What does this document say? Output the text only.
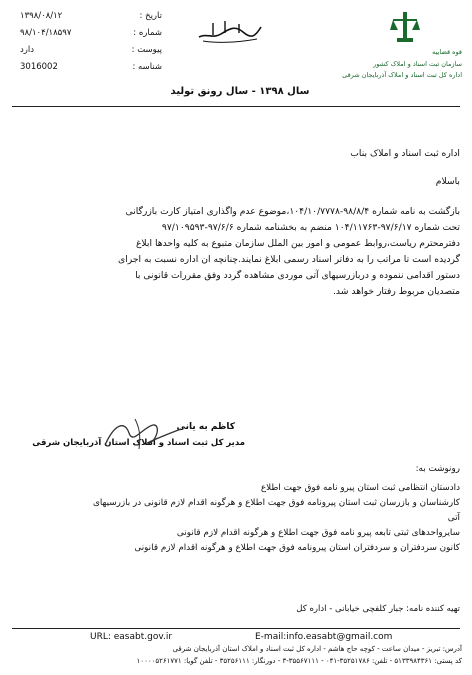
تاریخ :
۱۳۹۸/۰۸/۱۲
شماره :
۹۸/۱۰۴/۱۸۵۹۷
پیوست :
دارد
شناسه :
3016002
قوه قضاییه
سازمان ثبت اسناد و املاک کشور
اداره کل ثبت اسناد و املاک آذربایجان شرقی
سال ۱۳۹۸ - سال رونق تولید
اداره ثبت اسناد و املاک بناب
باسلام
بازگشت به نامه شماره ۹۸/۸/۴-۱۰۴/۱۰/۷۷۷۸،موضوع عدم واگذاری امتیاز کارت بازرگانی
تحت شماره ۹۷/۶/۱۷-۱۰۴/۱۱۷۶۳ منضم به بخشنامه شماره ۹۷/۶/۶-۹۷/۱۰۹۵۹۳
دفترمحترم ریاست،روابط عمومی و امور بین الملل سازمان متبوع به کلیه واحدها ابلاغ
گردیده است تا مراتب را به دفاتر اسناد رسمی ابلاغ نمایند.چنانچه ان اداره نسبت به اجرای
دستور اقدامی ننموده و دربازرسیهای آتی موردی مشاهده گردد وفق مقررات قانونی با
متصدیان مربوط رفتار خواهد شد.
کاظم به یانی
مدیر کل ثبت اسناد و املاک استان آذربایجان شرقی
رونوشت به:
دادستان انتظامی ثبت استان پیرو نامه فوق جهت اطلاع
کارشناسان و بازرسان ثبت استان پیرونامه فوق جهت اطلاع و هرگونه اقدام لازم قانونی در بازرسیهای
آتی
سایرواحدهای ثبتی تابعه پیرو نامه فوق جهت اطلاع و هرگونه اقدام لازم قانونی
کانون سردفتران و سردفتران استان پیرونامه فوق جهت اطلاع و هرگونه اقدام لازم قانونی
تهیه کننده نامه: جبار کلفچی خیابانی - اداره کل
URL: easabt.gov.ir	E-mail:info.easabt@gmail.com
آدرس: تبریز - میدان ساعت - کوچه حاج هاشم - اداره کل ثبت اسناد و املاک استان آذربایجان شرقی
کد پستی: ۵۱۳۳۹۸۴۳۶۱ - تلفن: ۳۵۲۵۱۷۸۶-۰۴۱ - ۳۵۵۶۷۱۱۱-۳ - دورنگار: ۳۵۲۵۶۱۱۱ - تلفن گویا: ۱۰۰۰۰۵۲۶۱۷۷۱
